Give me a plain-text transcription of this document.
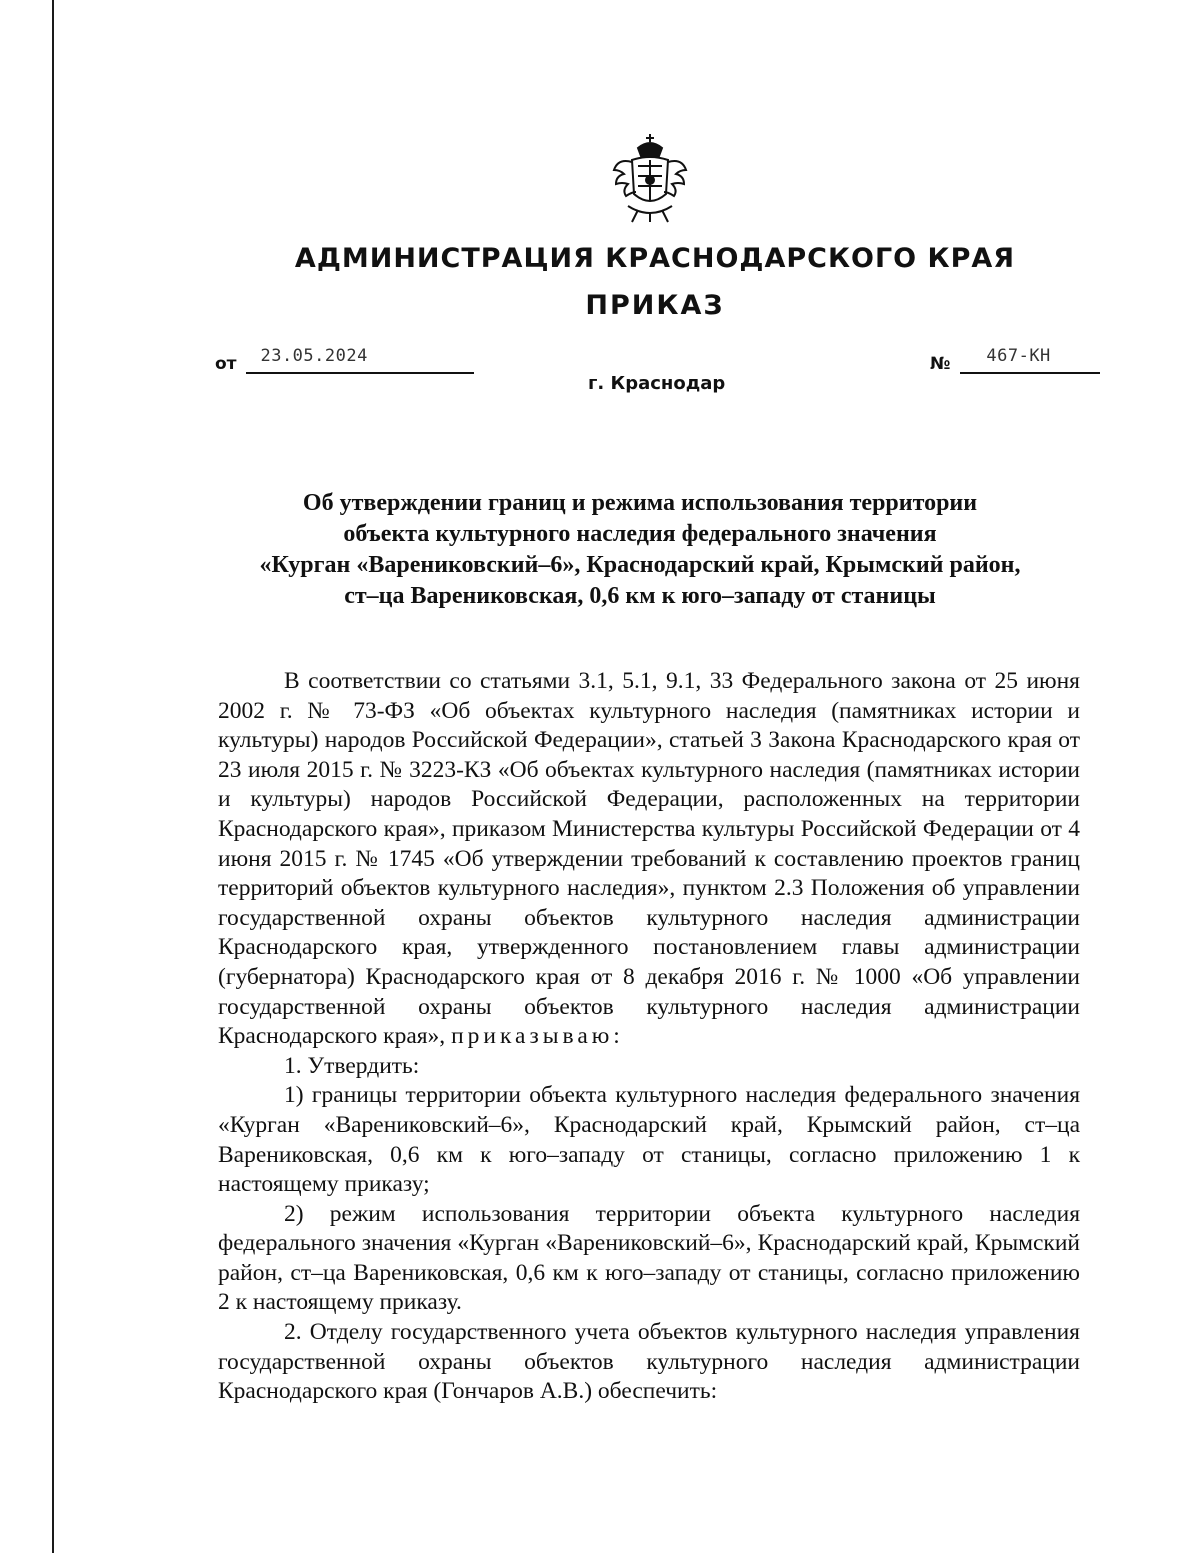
АДМИНИСТРАЦИЯ КРАСНОДАРСКОГО КРАЯ
ПРИКАЗ
от 23.05.2024	№ 467-КН
г. Краснодар
Об утверждении границ и режима использования территории
объекта культурного наследия федерального значения
«Курган «Варениковский–6», Краснодарский край, Крымский район,
ст–ца Варениковская, 0,6 км к юго–западу от станицы

В соответствии со статьями 3.1, 5.1, 9.1, 33 Федерального закона от 25 июня 2002 г. № 73-ФЗ «Об объектах культурного наследия (памятниках истории и культуры) народов Российской Федерации», статьей 3 Закона Краснодарского края от 23 июля 2015 г. № 3223-КЗ «Об объектах культурного наследия (памятниках истории и культуры) народов Российской Федерации, расположенных на территории Краснодарского края», приказом Министерства культуры Российской Федерации от 4 июня 2015 г. № 1745 «Об утверждении требований к составлению проектов границ территорий объектов культурного наследия», пунктом 2.3 Положения об управлении государственной охраны объектов культурного наследия администрации Краснодарского края, утвержденного постановлением главы администрации (губернатора) Краснодарского края от 8 декабря 2016 г. № 1000 «Об управлении государственной охраны объектов культурного наследия администрации Краснодарского края», приказываю:

1. Утвердить:

1) границы территории объекта культурного наследия федерального значения «Курган «Варениковский–6», Краснодарский край, Крымский район, ст–ца Варениковская, 0,6 км к юго–западу от станицы, согласно приложению 1 к настоящему приказу;

2) режим использования территории объекта культурного наследия федерального значения «Курган «Варениковский–6», Краснодарский край, Крымский район, ст–ца Варениковская, 0,6 км к юго–западу от станицы, согласно приложению 2 к настоящему приказу.

2. Отделу государственного учета объектов культурного наследия управления государственной охраны объектов культурного наследия администрации Краснодарского края (Гончаров А.В.) обеспечить:
